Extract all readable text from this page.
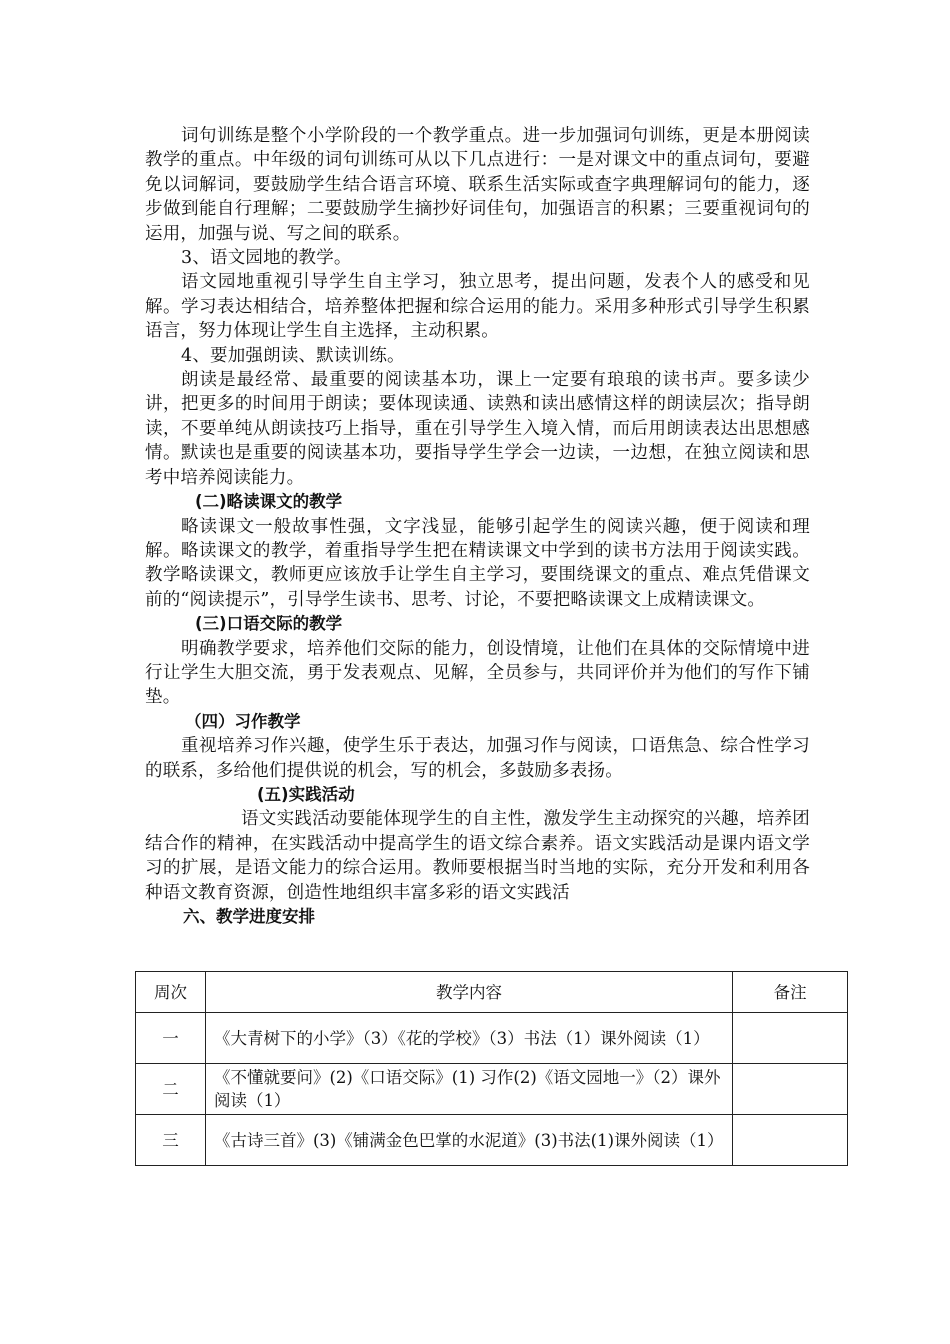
词句训练是整个小学阶段的一个教学重点。进一步加强词句训练，更是本册阅读教学的重点。中年级的词句训练可从以下几点进行：一是对课文中的重点词句，要避免以词解词，要鼓励学生结合语言环境、联系生活实际或查字典理解词句的能力，逐步做到能自行理解；二要鼓励学生摘抄好词佳句，加强语言的积累；三要重视词句的运用，加强与说、写之间的联系。

3、语文园地的教学。

语文园地重视引导学生自主学习，独立思考，提出问题，发表个人的感受和见解。学习表达相结合，培养整体把握和综合运用的能力。采用多种形式引导学生积累语言，努力体现让学生自主选择，主动积累。

4、要加强朗读、默读训练。

朗读是最经常、最重要的阅读基本功，课上一定要有琅琅的读书声。要多读少讲，把更多的时间用于朗读；要体现读通、读熟和读出感情这样的朗读层次；指导朗读，不要单纯从朗读技巧上指导，重在引导学生入境入情，而后用朗读表达出思想感情。默读也是重要的阅读基本功，要指导学生学会一边读，一边想，在独立阅读和思考中培养阅读能力。

(二)略读课文的教学

略读课文一般故事性强，文字浅显，能够引起学生的阅读兴趣，便于阅读和理解。略读课文的教学，着重指导学生把在精读课文中学到的读书方法用于阅读实践。教学略读课文，教师更应该放手让学生自主学习，要围绕课文的重点、难点凭借课文前的“阅读提示”，引导学生读书、思考、讨论，不要把略读课文上成精读课文。

(三)口语交际的教学

明确教学要求，培养他们交际的能力，创设情境，让他们在具体的交际情境中进行让学生大胆交流，勇于发表观点、见解，全员参与，共同评价并为他们的写作下铺垫。

（四）习作教学

重视培养习作兴趣，使学生乐于表达，加强习作与阅读，口语焦急、综合性学习的联系，多给他们提供说的机会，写的机会，多鼓励多表扬。

(五)实践活动

语文实践活动要能体现学生的自主性，激发学生主动探究的兴趣，培养团结合作的精神，在实践活动中提高学生的语文综合素养。语文实践活动是课内语文学习的扩展，是语文能力的综合运用。教师要根据当时当地的实际，充分开发和利用各种语文教育资源，创造性地组织丰富多彩的语文实践活

六、教学进度安排
周次	教学内容	备注
一	《大青树下的小学》（3）《花的学校》（3）书法（1）课外阅读（1）	
二	《不懂就要问》(2)《口语交际》(1) 习作(2)《语文园地一》（2）课外阅读（1）	
三	《古诗三首》(3)《铺满金色巴掌的水泥道》(3)书法(1)课外阅读（1）	
